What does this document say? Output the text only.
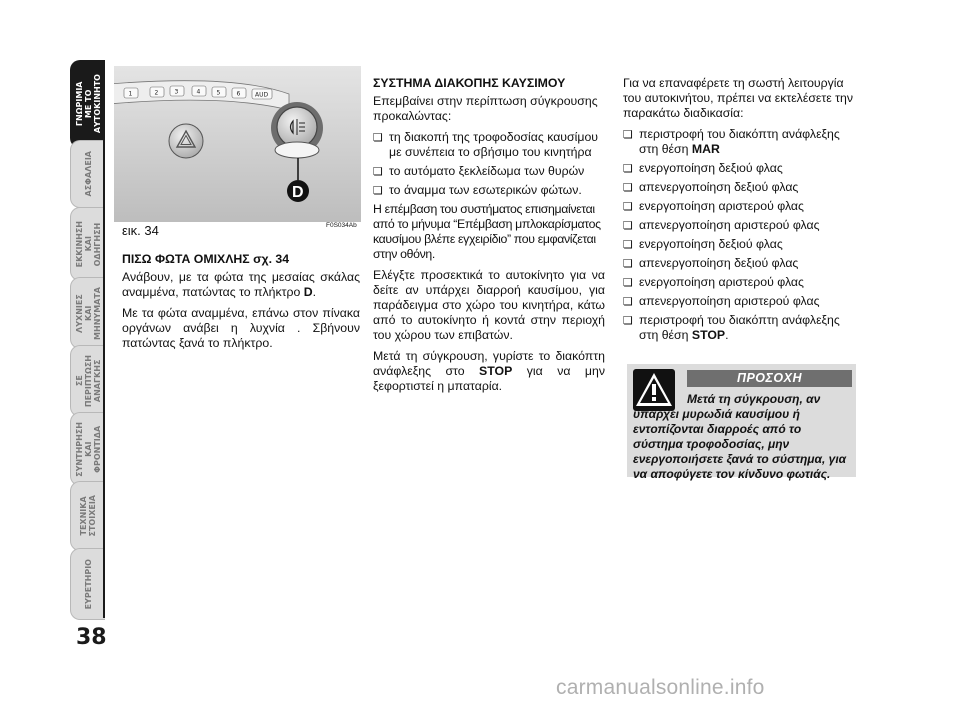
ΓΝΩΡΙΜΙΑ
ΜΕ ΤΟ
ΑΥΤΟΚΙΝΗΤΟ
ΑΣΦΑΛΕΙΑ
ΕΚΚΙΝΗΣΗ
ΚΑΙ
ΟΔΗΓΗΣΗ
ΛΥΧΝΙΕΣ
ΚΑΙ
ΜΗΝΥΜΑΤΑ
ΣΕ
ΠΕΡΙΠΤΩΣΗ
ΑΝΑΓΚΗΣ
ΣΥΝΤΗΡΗΣΗ
ΚΑΙ
ΦΡΟΝΤΙΔΑ
ΤΕΧΝΙΚΑ
ΣΤΟΙΧΕΙΑ
ΕΥΡΕΤΗΡΙΟ
38
1	2	3	4	5	6 AUD
D
εικ. 34	F0S034Ab

ΠΙΣΩ ΦΩΤΑ ΟΜΙΧΛΗΣ σχ. 34

Ανάβουν, με τα φώτα της μεσαίας σκάλας αναμμένα, πατώντας το πλήκτρο D.

Με τα φώτα αναμμένα, επάνω στον πίνακα οργάνων ανάβει η λυχνία ⁠. Σβήνουν πατώντας ξανά το πλήκτρο.

ΣΥΣΤΗΜΑ ΔΙΑΚΟΠΗΣ ΚΑΥΣΙΜΟΥ

Επεμβαίνει στην περίπτωση σύγκρουσης προκαλώντας:

❏ τη διακοπή της τροφοδοσίας καυσίμου με συνέπεια το σβήσιμο του κινητήρα
❏ το αυτόματο ξεκλείδωμα των θυρών
❏ το άναμμα των εσωτερικών φώτων.

Η επέμβαση του συστήματος επισημαίνεται από το μήνυμα “Επέμβαση μπλοκαρίσματος καυσίμου βλέπε εγχειρίδιο” που εμφανίζεται στην οθόνη.

Ελέγξτε προσεκτικά το αυτοκίνητο για να δείτε αν υπάρχει διαρροή καυσίμου, για παράδειγμα στο χώρο του κινητήρα, κάτω από το αυτοκίνητο ή κοντά στην περιοχή του χώρου των επιβατών.

Μετά τη σύγκρουση, γυρίστε το διακόπτη ανάφλεξης στο STOP για να μην ξεφορτιστεί η μπαταρία.

Για να επαναφέρετε τη σωστή λειτουργία του αυτοκινήτου, πρέπει να εκτελέσετε την παρακάτω διαδικασία:

❏ περιστροφή του διακόπτη ανάφλεξης στη θέση MAR
❏ ενεργοποίηση δεξιού φλας
❏ απενεργοποίηση δεξιού φλας
❏ ενεργοποίηση αριστερού φλας
❏ απενεργοποίηση αριστερού φλας
❏ ενεργοποίηση δεξιού φλας
❏ απενεργοποίηση δεξιού φλας
❏ ενεργοποίηση αριστερού φλας
❏ απενεργοποίηση αριστερού φλας
❏ περιστροφή του διακόπτη ανάφλεξης στη θέση STOP.
ΠΡΟΣΟΧΗ
Μετά τη σύγκρουση, αν υπάρχει μυρωδιά καυσίμου ή εντοπίζονται διαρροές από το σύστημα τροφοδοσίας, μην ενεργοποιήσετε ξανά το σύστημα, για να αποφύγετε τον κίνδυνο φωτιάς.
carmanualsonline.info
